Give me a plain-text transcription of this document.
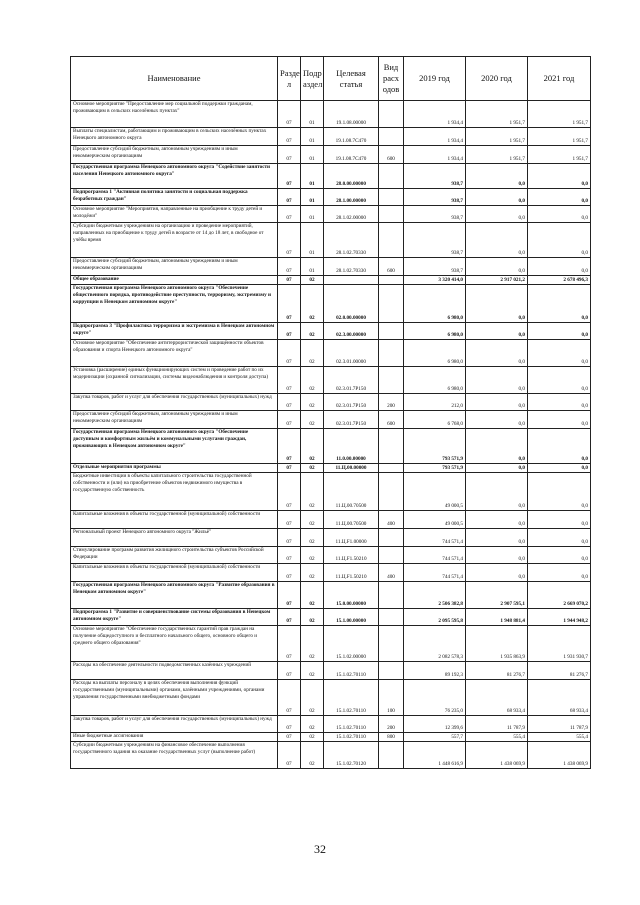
Наименование	Разде л	Подр аздел	Целевая статья	Вид расх одов	2019 год	2020 год	2021 год
Основное мероприятие "Предоставление мер социальной поддержки гражданам, проживающим в сельских населённых пунктах"	07	01	19.1.08.00000		1 934,4	1 951,7	1 951,7
Выплаты специалистам, работающим и проживающим в сельских населённых пунктах Ненецкого автономного округа	07	01	19.1.08.7С470		1 934,4	1 951,7	1 951,7
Предоставление субсидий бюджетным, автономным учреждениям и иным некоммерческим организациям	07	01	19.1.08.7С470	600	1 934,4	1 951,7	1 951,7
Государственная программа Ненецкого автономного округа "Содействие занятости населения Ненецкого автономного округа"	07	01	28.0.00.00000		938,7	0,0	0,0
Подпрограмма 1 "Активная политика занятости и социальная поддержка безработных граждан"	07	01	28.1.00.00000		938,7	0,0	0,0
Основное мероприятие "Мероприятия, направленные на приобщение к труду детей и молодёжи"	07	01	28.1.02.00000		938,7	0,0	0,0
Субсидии бюджетным учреждениям на организацию и проведение мероприятий, направленных на приобщение к труду детей в возрасте от 14 до 18 лет, в свободное от учёбы время	07	01	28.1.02.70330		938,7	0,0	0,0
Предоставление субсидий бюджетным, автономным учреждениям и иным некоммерческим организациям	07	01	28.1.02.70330	600	938,7	0,0	0,0
Общее образование	07	02			3 320 414,0	2 917 021,2	2 678 496,3
Государственная программа Ненецкого автономного округа "Обеспечение общественного порядка, противодействие преступности, терроризму, экстремизму и коррупции в Ненецком автономном округе"	07	02	02.0.00.00000		6 980,0	0,0	0,0
Подпрограмма 3 "Профилактика терроризма и экстремизма в Ненецком автономном округе"	07	02	02.3.00.00000		6 980,0	0,0	0,0
Основное мероприятие "Обеспечение антитеррористической защищённости объектов образования и спорта Ненецкого автономного округа"	07	02	02.3.01.00000		6 980,0	0,0	0,0
Установка (расширение) единых функционирующих систем и проведение работ по их модернизации (охранной сигнализации, системы видеонаблюдения и контроля доступа)	07	02	02.3.01.7Р150		6 980,0	0,0	0,0
Закупка товаров, работ и услуг для обеспечения государственных (муниципальных) нужд	07	02	02.3.01.7Р150	200	212,0	0,0	0,0
Предоставление субсидий бюджетным, автономным учреждениям и иным некоммерческим организациям	07	02	02.3.01.7Р150	600	6 768,0	0,0	0,0
Государственная программа Ненецкого автономного округа "Обеспечение доступным и комфортным жильём и коммунальными услугами граждан, проживающих в Ненецком автономном округе"	07	02	11.0.00.00000		793 571,9	0,0	0,0
Отдельные мероприятия программы	07	02	11.Ц.00.00000		793 571,9	0,0	0,0
Бюджетные инвестиции в объекты капитального строительства государственной собственности и (или) на приобретение объектов недвижимого имущества в государственную собственность	07	02	11.Ц.00.70500		49 000,5	0,0	0,0
Капитальные вложения в объекты государственной (муниципальной) собственности	07	02	11.Ц.00.70500	400	49 000,5	0,0	0,0
Региональный проект Ненецкого автономного округа "Жильё"	07	02	11.Ц.F1.00000		744 571,4	0,0	0,0
Стимулирование программ развития жилищного строительства субъектов Российской Федерации	07	02	11.Ц.F1.50210		744 571,4	0,0	0,0
Капитальные вложения в объекты государственной (муниципальной) собственности	07	02	11.Ц.F1.50210	400	744 571,4	0,0	0,0
Государственная программа Ненецкого автономного округа "Развитие образования в Ненецком автономном округе"	07	02	15.0.00.00000		2 506 382,8	2 907 595,1	2 669 070,2
Подпрограмма 1 "Развитие и совершенствование системы образования в Ненецком автономном округе"	07	02	15.1.00.00000		2 095 595,8	1 948 881,4	1 944 948,2
Основное мероприятие "Обеспечение государственных гарантий прав граждан на получение общедоступного и бесплатного начального общего, основного общего и среднего общего образования"	07	02	15.1.02.00000		2 082 578,3	1 935 863,9	1 931 930,7
Расходы на обеспечение деятельности подведомственных казённых учреждений	07	02	15.1.02.70110		89 192,3	81 276,7	81 276,7
Расходы на выплаты персоналу в целях обеспечения выполнения функций государственными (муниципальными) органами, казёнными учреждениями, органами управления государственными внебюджетными фондами	07	02	15.1.02.70110	100	76 235,0	68 933,4	68 933,4
Закупка товаров, работ и услуг для обеспечения государственных (муниципальных) нужд	07	02	15.1.02.70110	200	12 399,6	11 787,9	11 787,9
Иные бюджетные ассигнования	07	02	15.1.02.70110	800	557,7	555,4	555,4
Субсидии бюджетным учреждениям на финансовое обеспечение выполнения государственного задания на оказание государственных услуг (выполнение работ)	07	02	15.1.02.70120		1 448 616,9	1 438 069,9	1 438 069,9
32
